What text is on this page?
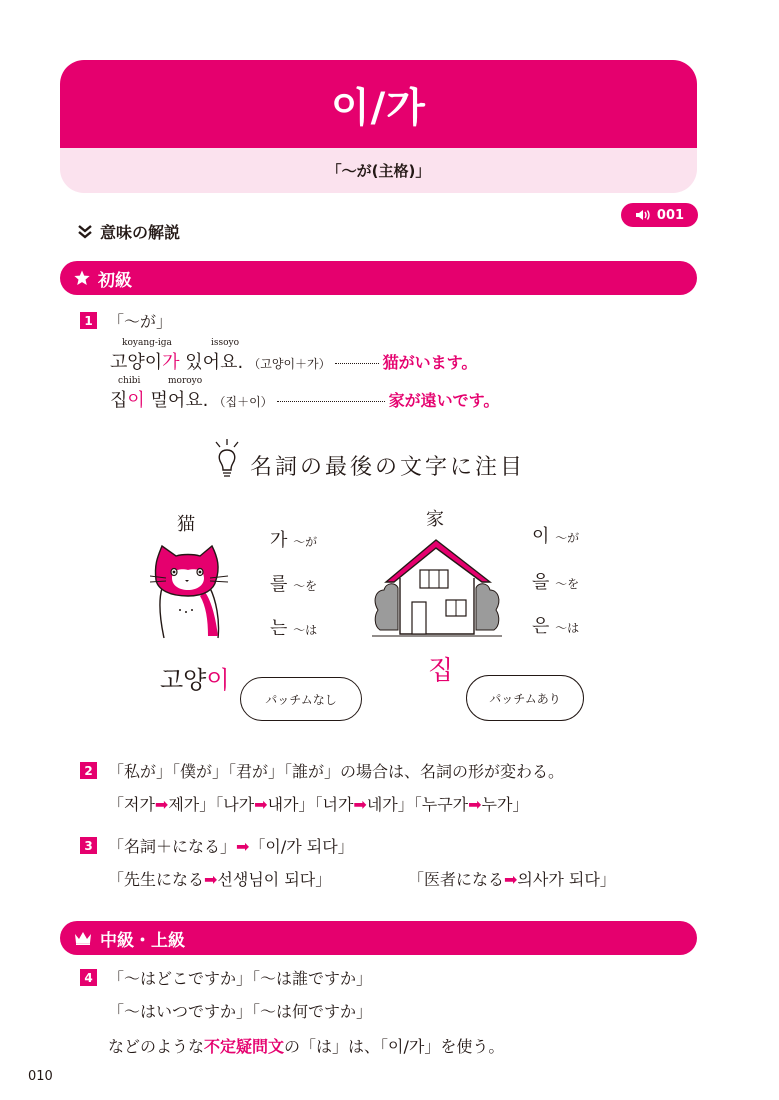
이/가
「〜が(主格)」
意味の解説
001
初級
1 「〜が」
koyang-iga	issoyo
고양이가 있어요. （고양이＋가）	猫がいます。
chibi	moroyo
집이 멀어요. （집＋이）	家が遠いです。
名詞の最後の文字に注目
猫	家
가 〜が
를 〜を
는 〜は
이 〜が
을 〜を
은 〜は
고양이	집
パッチムなし	パッチムあり
2 「私が」「僕が」「君が」「誰が」の場合は、名詞の形が変わる。
「저가➡제가」「나가➡내가」「너가➡네가」「누구가➡누가」
3 「名詞＋になる」➡「이/가 되다」
「先生になる➡선생님이 되다」	「医者になる➡의사가 되다」
中級・上級
4 「〜はどこですか」「〜は誰ですか」
「〜はいつですか」「〜は何ですか」
などのような不定疑問文の「は」は、「이/가」を使う。
010
